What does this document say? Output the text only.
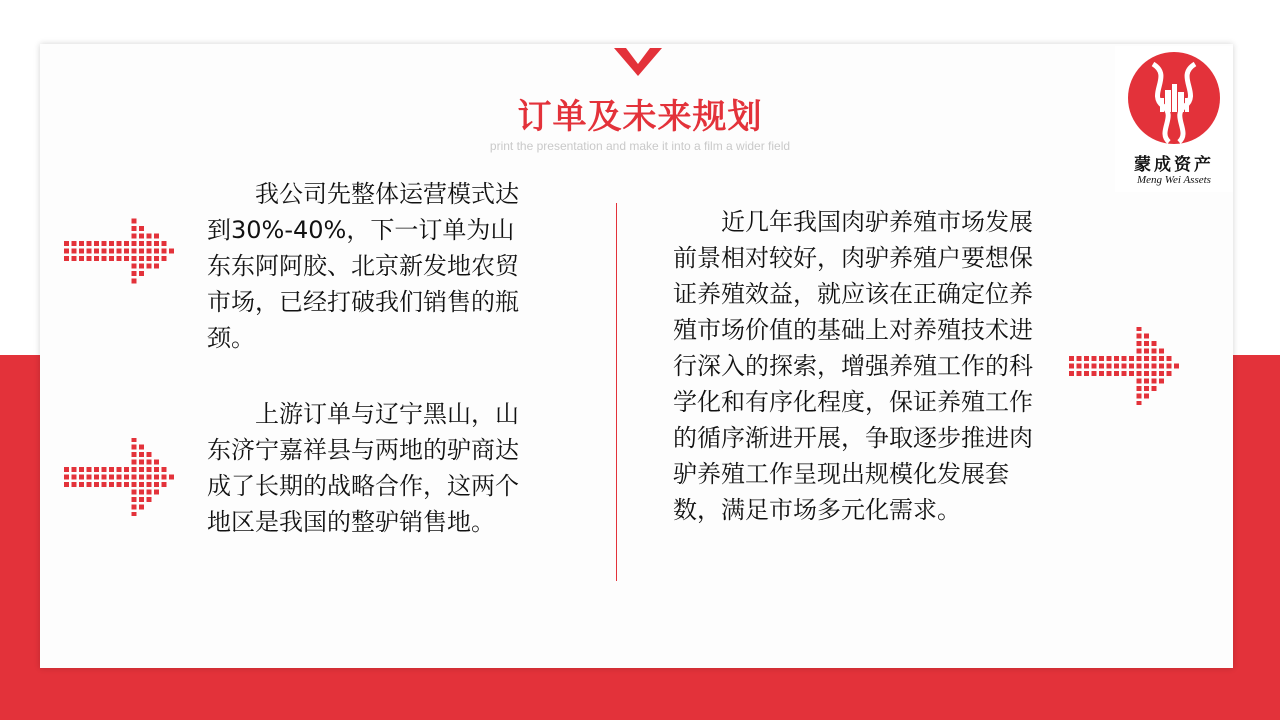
订单及未来规划
print the presentation and make it into a film a wider field
蒙成资产
Meng Wei Assets
我公司先整体运营模式达到30%-40%，下一订单为山东东阿阿胶、北京新发地农贸市场，已经打破我们销售的瓶颈。
上游订单与辽宁黑山，山东济宁嘉祥县与两地的驴商达成了长期的战略合作，这两个地区是我国的整驴销售地。
近几年我国肉驴养殖市场发展前景相对较好，肉驴养殖户要想保证养殖效益，就应该在正确定位养殖市场价值的基础上对养殖技术进行深入的探索，增强养殖工作的科学化和有序化程度，保证养殖工作的循序渐进开展，争取逐步推进肉驴养殖工作呈现出规模化发展套数，满足市场多元化需求。
